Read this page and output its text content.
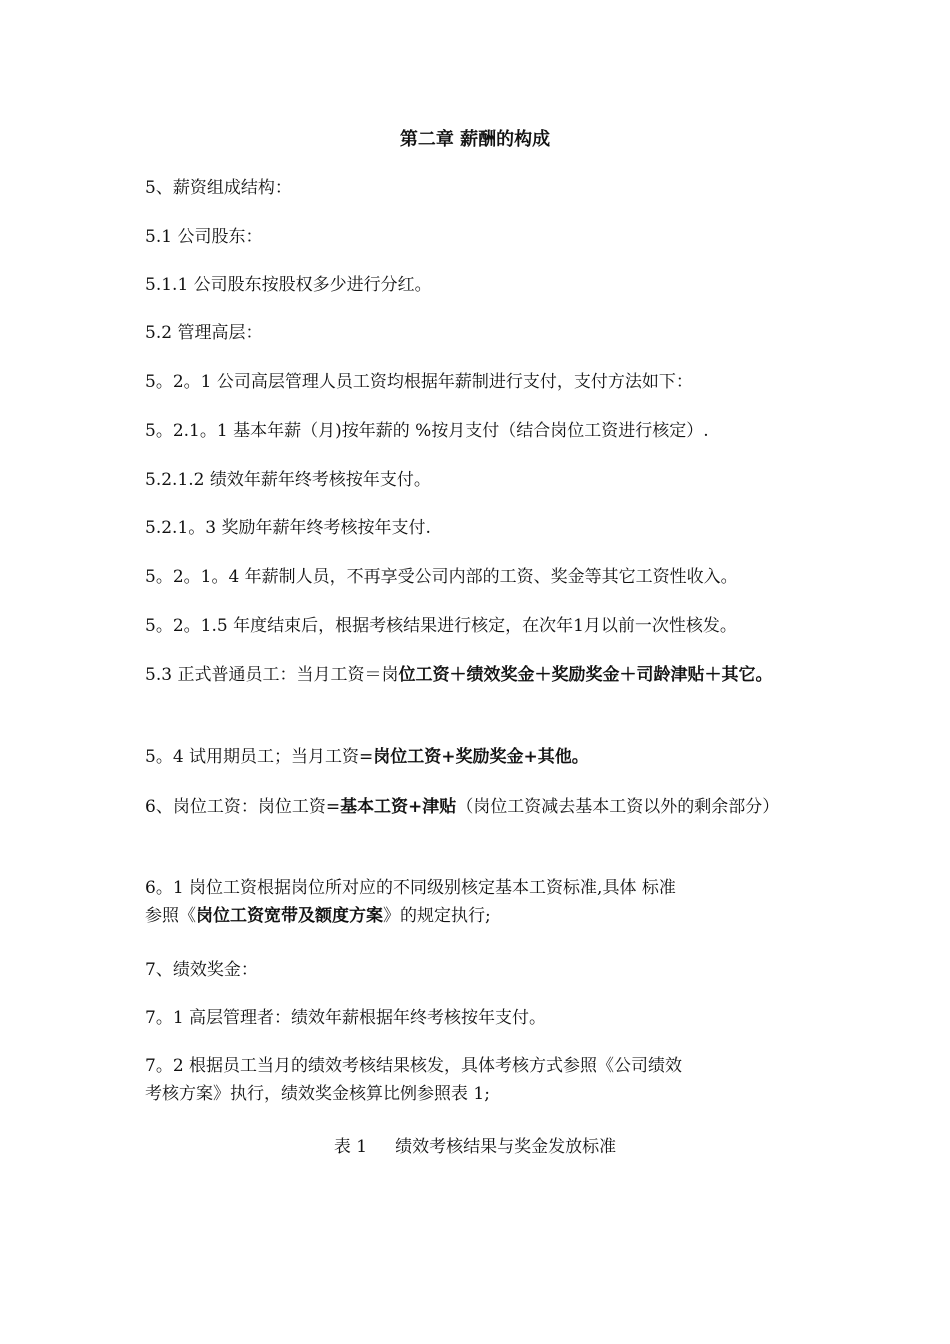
第二章 薪酬的构成
5、薪资组成结构：
5.1 公司股东：
5.1.1 公司股东按股权多少进行分红。
5.2 管理高层：
5。2。1 公司高层管理人员工资均根据年薪制进行支付，支付方法如下：
5。2.1。1 基本年薪（月)按年薪的 %按月支付（结合岗位工资进行核定）.
5.2.1.2 绩效年薪年终考核按年支付。
5.2.1。3 奖励年薪年终考核按年支付.
5。2。1。4 年薪制人员，不再享受公司内部的工资、奖金等其它工资性收入。
5。2。1.5 年度结束后，根据考核结果进行核定，在次年1月以前一次性核发。
5.3 正式普通员工：当月工资＝岗位工资＋绩效奖金＋奖励奖金＋司龄津贴＋其它。
5。4 试用期员工；当月工资=岗位工资+奖励奖金+其他。
6、岗位工资：岗位工资=基本工资+津贴（岗位工资减去基本工资以外的剩余部分）
6。1 岗位工资根据岗位所对应的不同级别核定基本工资标准,具体 标准
参照《岗位工资宽带及额度方案》的规定执行;
7、绩效奖金：
7。1 高层管理者：绩效年薪根据年终考核按年支付。
7。2 根据员工当月的绩效考核结果核发，具体考核方式参照《公司绩效
考核方案》执行，绩效奖金核算比例参照表 1;
表 1 绩效考核结果与奖金发放标准
